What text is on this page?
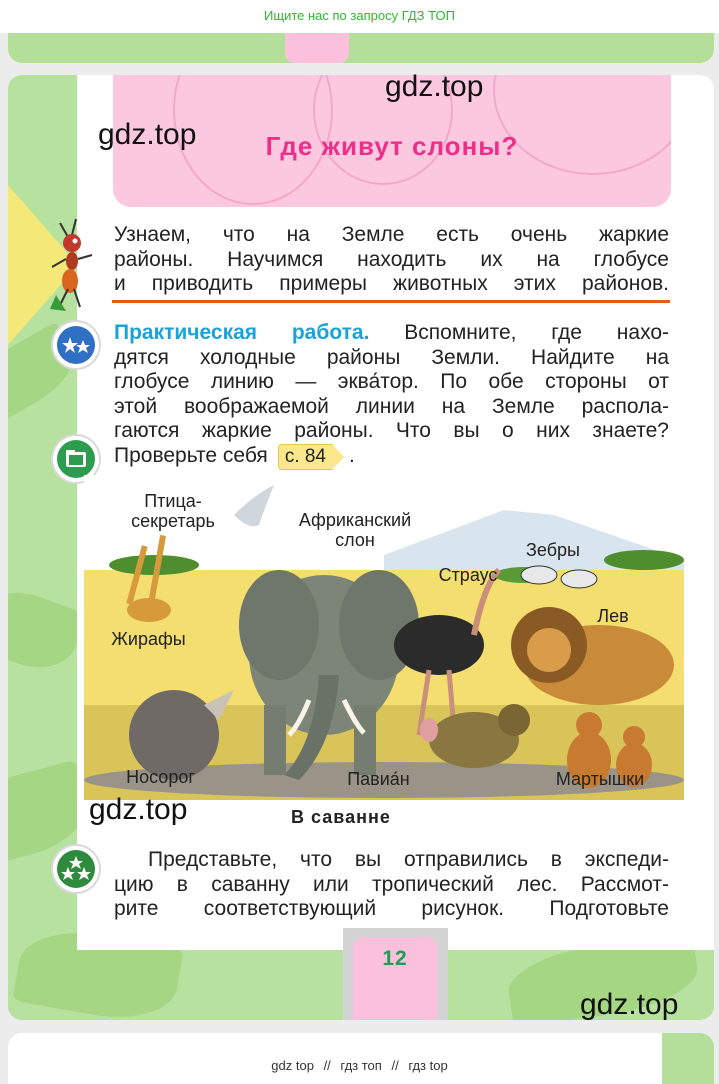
Ищите нас по запросу ГДЗ ТОП
Где живут слоны?
Узнаем, что на Земле есть очень жаркие
районы. Научимся находить их на глобусе
и приводить примеры животных этих районов.
Практическая работа. Вспомните, где нахо-
дятся холодные районы Земли. Найдите на
глобусе линию — эква́тор. По обе стороны от
этой воображаемой линии на Земле распола-
гаются жаркие районы. Что вы о них знаете?
Проверьте себя с. 84 .
Птица-
секретарь	Африканский
слон	Зебры
Страус
Лев
Жирафы
Носорог	Павиа́н	Мартышки
В саванне
Представьте, что вы отправились в экспеди-
цию в саванну или тропический лес. Рассмот-
рите соответствующий рисунок. Подготовьте
12
gdz.top
gdz.top
gdz.top
gdz.top
gdz top // гдз топ // гдз top
